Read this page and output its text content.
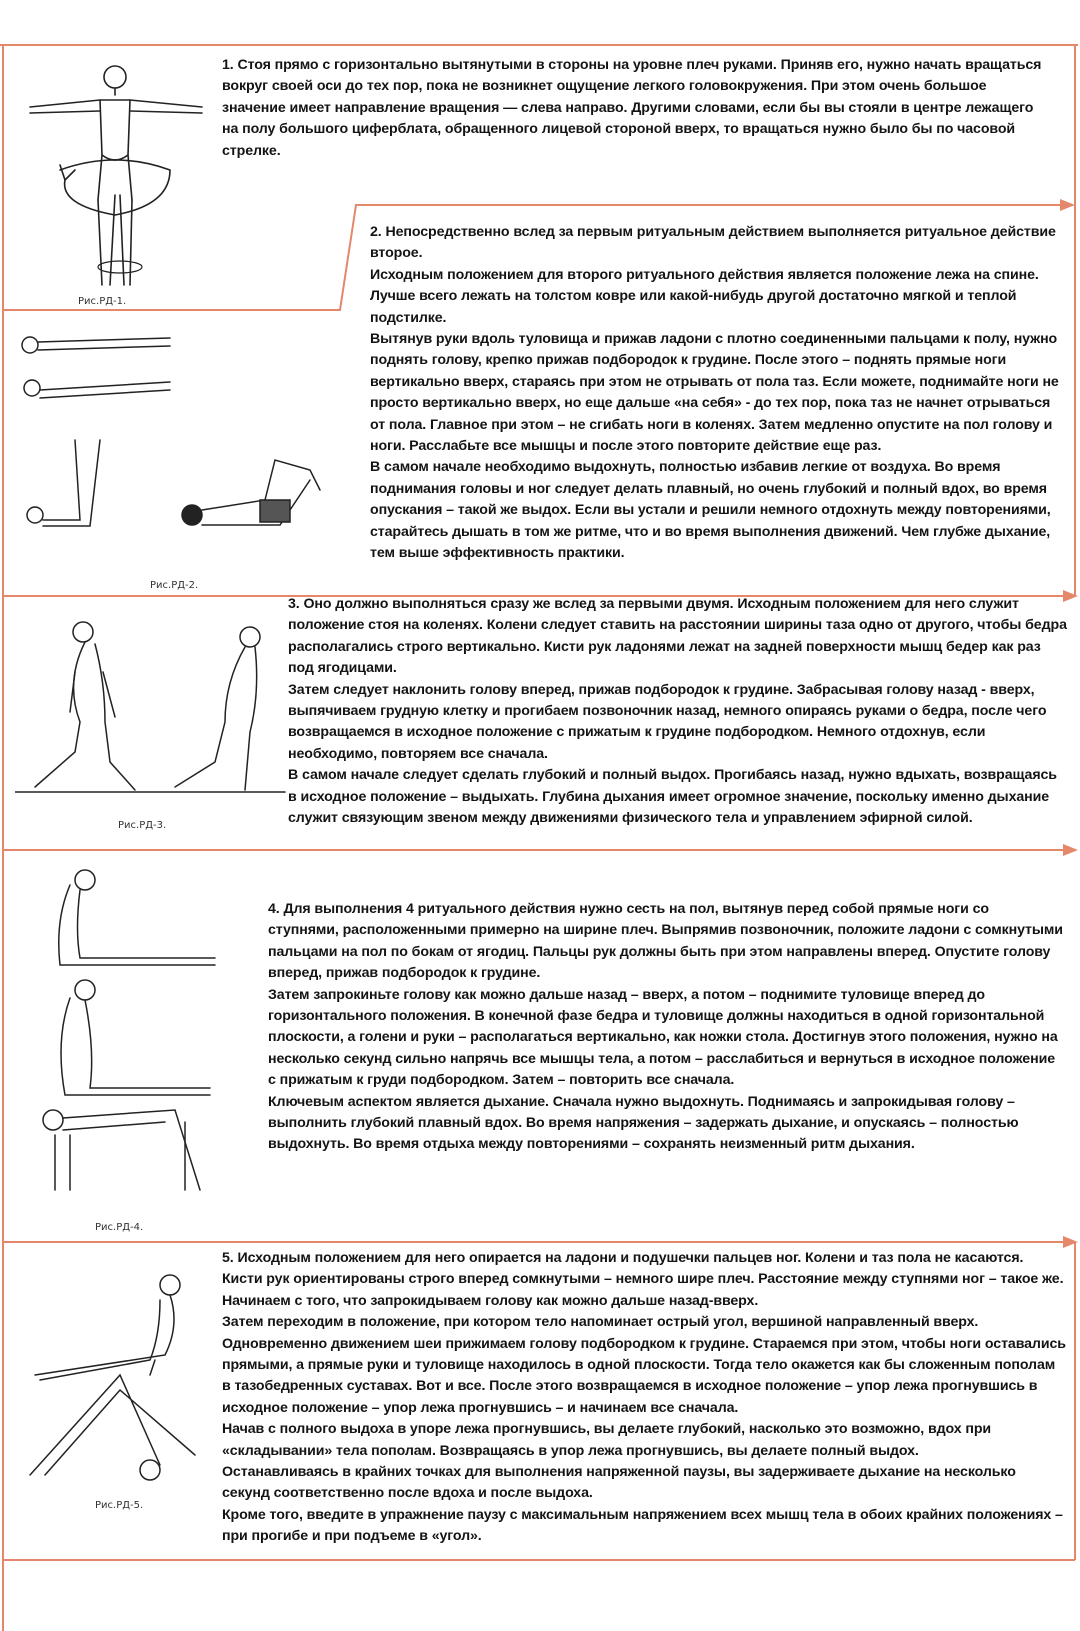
Рис.РД-1.

1. Стоя прямо с горизонтально вытянутыми в стороны на уровне плеч руками. Приняв его, нужно начать вращаться вокруг своей оси до тех пор, пока не возникнет ощущение легкого головокружения. При этом очень большое значение имеет направление вращения — слева направо. Другими словами, если бы вы стояли в центре лежащего на полу большого циферблата, обращенного лицевой стороной вверх, то вращаться нужно было бы по часовой стрелке.

Рис.РД-2.

2. Непосредственно вслед за первым ритуальным действием выполняется ритуальное действие второе.

Исходным положением для второго ритуального действия является положение лежа на спине. Лучше всего лежать на толстом ковре или какой-нибудь другой достаточно мягкой и теплой подстилке.

Вытянув руки вдоль туловища и прижав ладони с плотно соединенными пальцами к полу, нужно поднять голову, крепко прижав подбородок к грудине. После этого – поднять прямые ноги вертикально вверх, стараясь при этом не отрывать от пола таз. Если можете, поднимайте ноги не просто вертикально вверх, но еще дальше «на себя» - до тех пор, пока таз не начнет отрываться от пола. Главное при этом – не сгибать ноги в коленях. Затем медленно опустите на пол голову и ноги. Расслабьте все мышцы и после этого повторите действие еще раз.

В самом начале необходимо выдохнуть, полностью избавив легкие от воздуха. Во время поднимания головы и ног следует делать плавный, но очень глубокий и полный вдох, во время опускания – такой же выдох. Если вы устали и решили немного отдохнуть между повторениями, старайтесь дышать в том же ритме, что и во время выполнения движений. Чем глубже дыхание, тем выше эффективность практики.

Рис.РД-3.

3. Оно должно выполняться сразу же вслед за первыми двумя. Исходным положением для него служит положение стоя на коленях. Колени следует ставить на расстоянии ширины таза одно от другого, чтобы бедра располагались строго вертикально. Кисти рук ладонями лежат на задней поверхности мышц бедер как раз под ягодицами.

Затем следует наклонить голову вперед, прижав подбородок к грудине. Забрасывая голову назад - вверх, выпячиваем грудную клетку и прогибаем позвоночник назад, немного опираясь руками о бедра, после чего возвращаемся в исходное положение с прижатым к грудине подбородком. Немного отдохнув, если необходимо, повторяем все сначала.

В самом начале следует сделать глубокий и полный выдох. Прогибаясь назад, нужно вдыхать, возвращаясь в исходное положение – выдыхать. Глубина дыхания имеет огромное значение, поскольку именно дыхание служит связующим звеном между движениями физического тела и управлением эфирной силой.

Рис.РД-4.

4. Для выполнения 4 ритуального действия нужно сесть на пол, вытянув перед собой прямые ноги со ступнями, расположенными примерно на ширине плеч. Выпрямив позвоночник, положите ладони с сомкнутыми пальцами на пол по бокам от ягодиц. Пальцы рук должны быть при этом направлены вперед. Опустите голову вперед, прижав подбородок к грудине.

Затем запрокиньте голову как можно дальше назад – вверх, а потом – поднимите туловище вперед до горизонтального положения. В конечной фазе бедра и туловище должны находиться в одной горизонтальной плоскости, а голени и руки – располагаться вертикально, как ножки стола. Достигнув этого положения, нужно на несколько секунд сильно напрячь все мышцы тела, а потом – расслабиться и вернуться в исходное положение с прижатым к груди подбородком. Затем – повторить все сначала.

Ключевым аспектом является дыхание. Сначала нужно выдохнуть. Поднимаясь и запрокидывая голову – выполнить глубокий плавный вдох. Во время напряжения – задержать дыхание, и опускаясь – полностью выдохнуть. Во время отдыха между повторениями – сохранять неизменный ритм дыхания.

Рис.РД-5.

5. Исходным положением для него опирается на ладони и подушечки пальцев ног. Колени и таз пола не касаются. Кисти рук ориентированы строго вперед сомкнутыми – немного шире плеч. Расстояние между ступнями ног – такое же.

Начинаем с того, что запрокидываем голову как можно дальше назад-вверх.

Затем переходим в положение, при котором тело напоминает острый угол, вершиной направленный вверх. Одновременно движением шеи прижимаем голову подбородком к грудине. Стараемся при этом, чтобы ноги оставались прямыми, а прямые руки и туловище находилось в одной плоскости. Тогда тело окажется как бы сложенным пополам в тазобедренных суставах. Вот и все. После этого возвращаемся в исходное положение – упор лежа прогнувшись в исходное положение – упор лежа прогнувшись – и начинаем все сначала.

Начав с полного выдоха в упоре лежа прогнувшись, вы делаете глубокий, насколько это возможно, вдох при «складывании» тела пополам. Возвращаясь в упор лежа прогнувшись, вы делаете полный выдох.

Останавливаясь в крайних точках для выполнения напряженной паузы, вы задерживаете дыхание на несколько секунд соответственно после вдоха и после выдоха.

Кроме того, введите в упражнение паузу с максимальным напряжением всех мышц тела в обоих крайних положениях – при прогибе и при подъеме в «угол».
